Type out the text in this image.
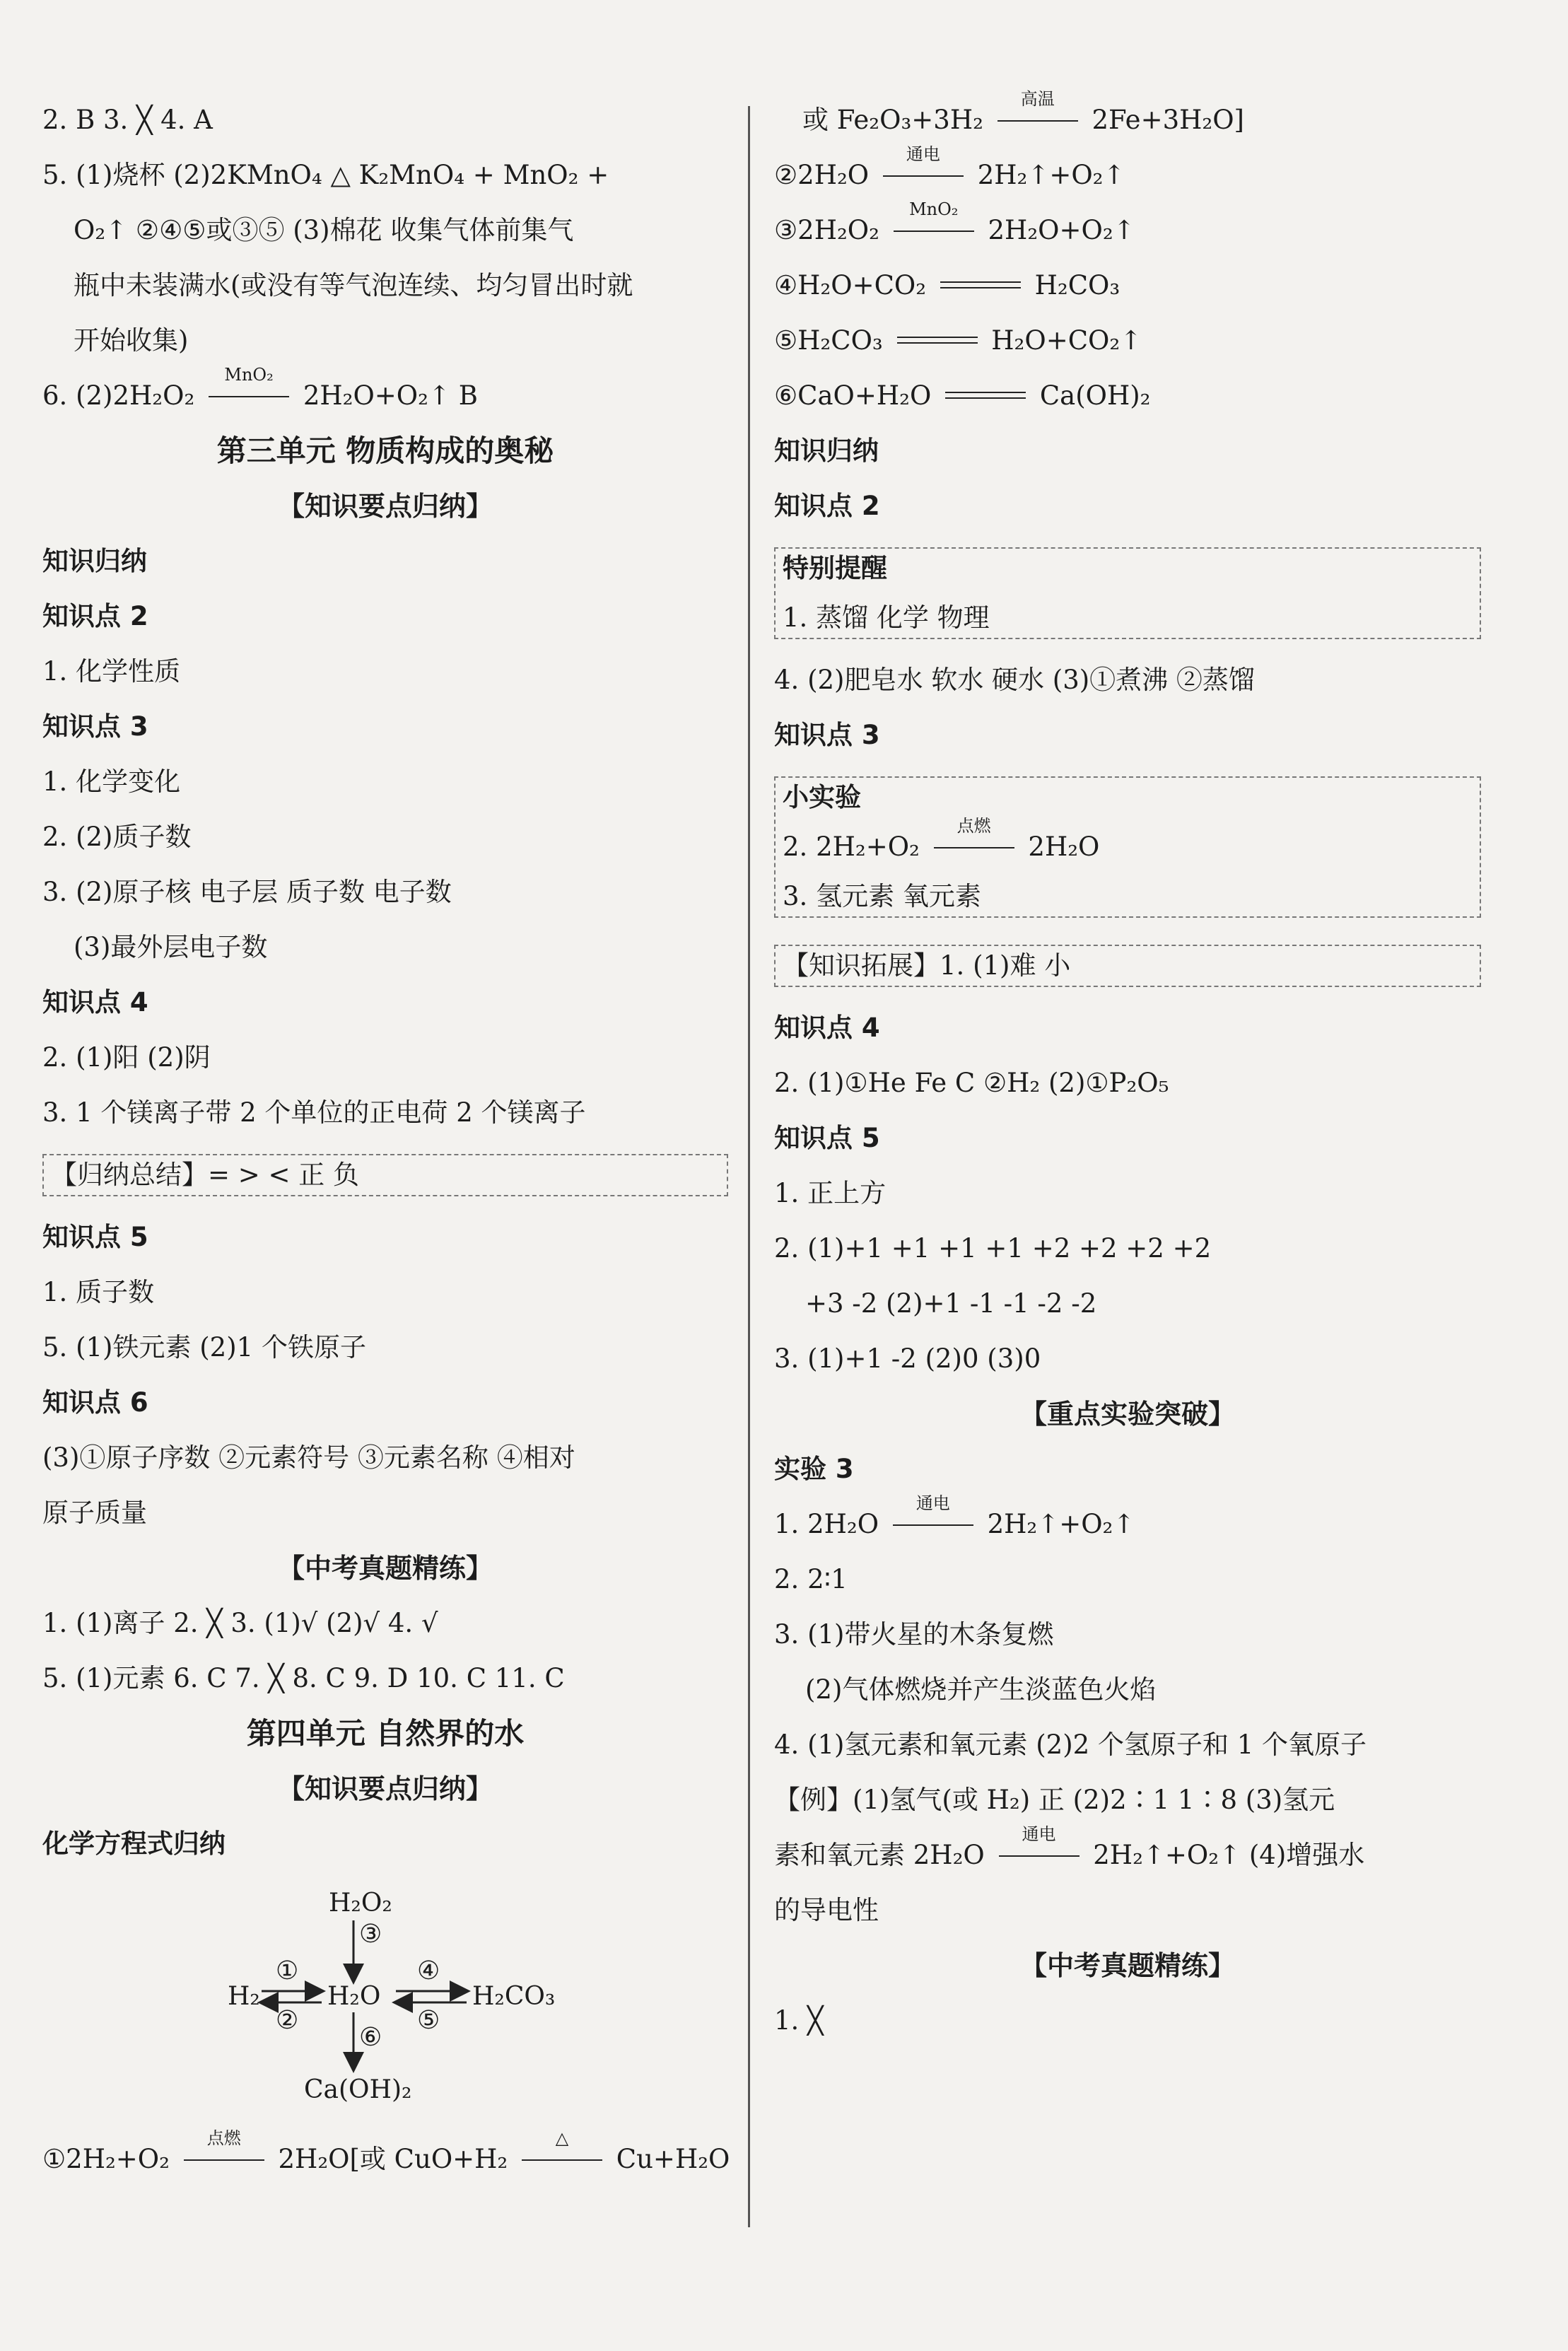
2. B 3. ╳ 4. A
5. (1)烧杯 (2)2KMnO₄ △ K₂MnO₄ + MnO₂ +
O₂↑ ②④⑤或③⑤ (3)棉花 收集气体前集气
瓶中未装满水(或没有等气泡连续、均匀冒出时就
开始收集)
6. (2)2H₂O₂
MnO₂
2H₂O+O₂↑ B
第三单元 物质构成的奥秘
【知识要点归纳】
知识归纳
知识点 2
1. 化学性质
知识点 3
1. 化学变化
2. (2)质子数
3. (2)原子核 电子层 质子数 电子数
(3)最外层电子数
知识点 4
2. (1)阳 (2)阴
3. 1 个镁离子带 2 个单位的正电荷 2 个镁离子
【归纳总结】= > < 正 负
知识点 5
1. 质子数
5. (1)铁元素 (2)1 个铁原子
知识点 6
(3)①原子序数 ②元素符号 ③元素名称 ④相对
原子质量
【中考真题精练】
1. (1)离子 2. ╳ 3. (1)√ (2)√ 4. √
5. (1)元素 6. C 7. ╳ 8. C 9. D 10. C 11. C
第四单元 自然界的水
【知识要点归纳】
化学方程式归纳
H₂O₂
③
H₂
①
②
H₂O
④
⑤
H₂CO₃
⑥
Ca(OH)₂
①2H₂+O₂
点燃
2H₂O[或 CuO+H₂
△
Cu+H₂O
或 Fe₂O₃+3H₂
高温
2Fe+3H₂O]
②2H₂O
通电
2H₂↑+O₂↑
③2H₂O₂
MnO₂
2H₂O+O₂↑
④H₂O+CO₂	H₂CO₃
⑤H₂CO₃	H₂O+CO₂↑
⑥CaO+H₂O	Ca(OH)₂
知识归纳
知识点 2
特别提醒
1. 蒸馏 化学 物理
4. (2)肥皂水 软水 硬水 (3)①煮沸 ②蒸馏
知识点 3
小实验
2. 2H₂+O₂
点燃
2H₂O
3. 氢元素 氧元素
【知识拓展】1. (1)难 小
知识点 4
2. (1)①He Fe C ②H₂ (2)①P₂O₅
知识点 5
1. 正上方
2. (1)+1 +1 +1 +1 +2 +2 +2 +2
+3 -2 (2)+1 -1 -1 -2 -2
3. (1)+1 -2 (2)0 (3)0
【重点实验突破】
实验 3
1. 2H₂O
通电
2H₂↑+O₂↑
2. 2∶1
3. (1)带火星的木条复燃
(2)气体燃烧并产生淡蓝色火焰
4. (1)氢元素和氧元素 (2)2 个氢原子和 1 个氧原子
【例】(1)氢气(或 H₂) 正 (2)2∶1 1∶8 (3)氢元
素和氧元素 2H₂O
通电
2H₂↑+O₂↑ (4)增强水
的导电性
【中考真题精练】
1. ╳
